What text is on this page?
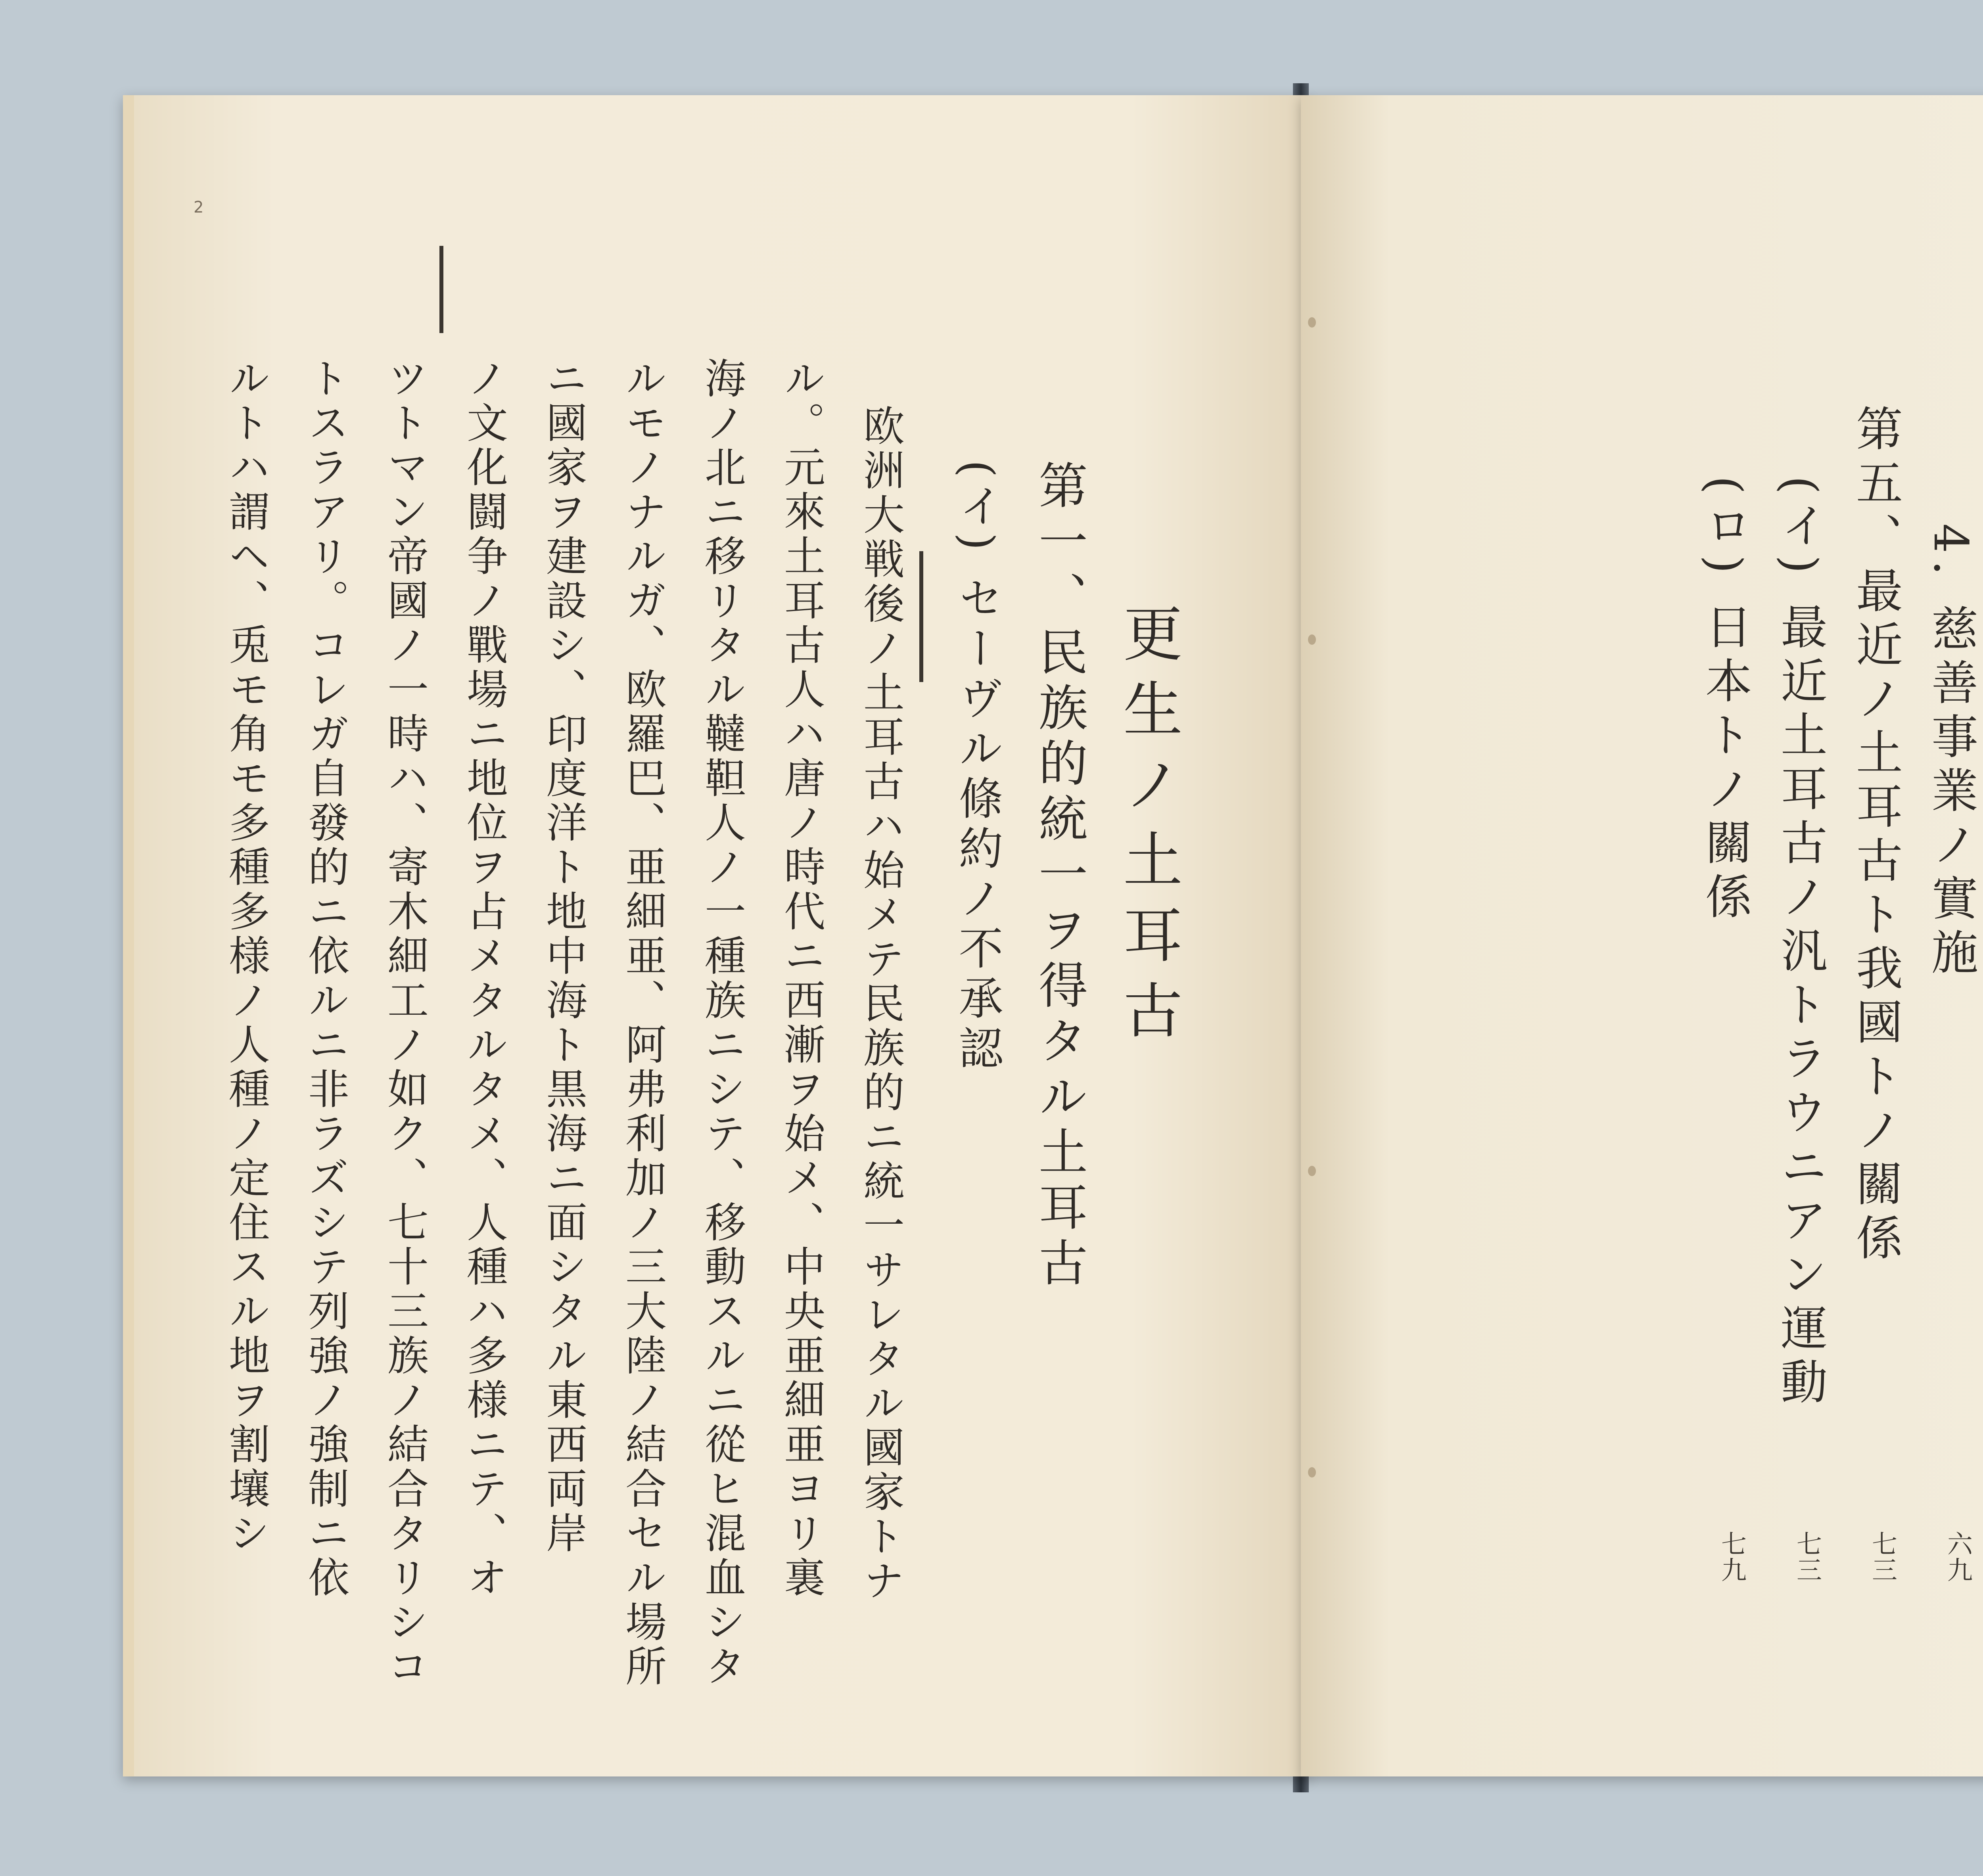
2
更生ノ土耳古
第一、民族的統一ヲ得タル土耳古
(イ) セーヴル條約ノ不承認
欧洲大戦後ノ土耳古ハ始メテ民族的ニ統一サレタル國家トナ
ル。元來土耳古人ハ唐ノ時代ニ西漸ヲ始メ、中央亜細亜ヨリ裏
海ノ北ニ移リタル韃靼人ノ一種族ニシテ、移動スルニ從ヒ混血シタ
ルモノナルガ、欧羅巴、亜細亜、阿弗利加ノ三大陸ノ結合セル場所
ニ國家ヲ建設シ、印度洋ト地中海ト黒海ニ面シタル東西両岸
ノ文化闘争ノ戰場ニ地位ヲ占メタルタメ、人種ハ多様ニテ、オ
ツトマン帝國ノ一時ハ、寄木細工ノ如ク、七十三族ノ結合タリシコ
トスラアリ。コレガ自發的ニ依ルニ非ラズシテ列強ノ強制ニ依
ルトハ謂ヘ、兎モ角モ多種多様ノ人種ノ定住スル地ヲ割壤シ	4. 慈善事業ノ實施
六九
第五、最近ノ土耳古ト我國トノ關係
七三
(イ) 最近土耳古ノ汎トラウニアン運動
七三
(ロ) 日本トノ關係
七九
